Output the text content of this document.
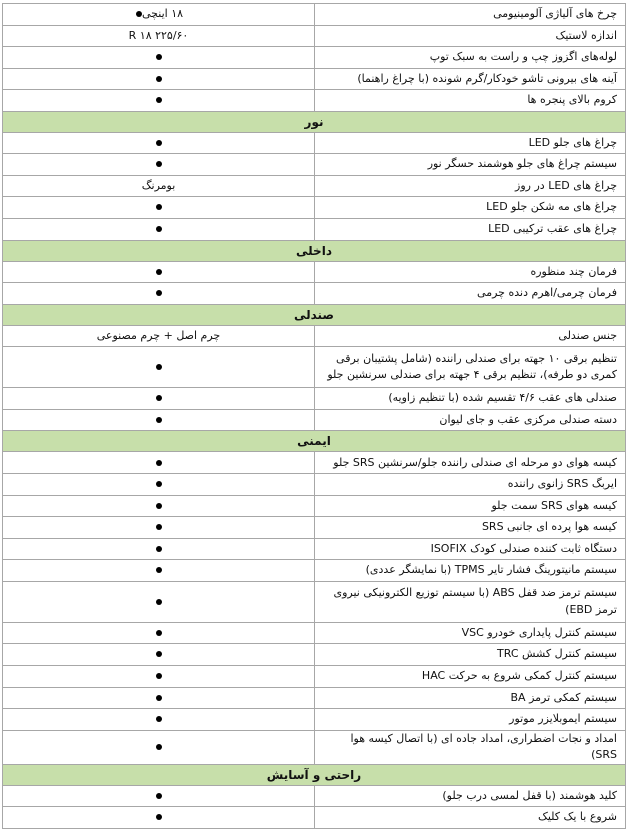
چرخ های آلیاژی آلومینیومی	۱۸ اینچی
اندازه لاستیک	R ۱۸ ۲۲۵/۶۰
لوله‌های اگزوز چپ و راست به سبک توپ	
آینه های بیرونی تاشو خودکار/گرم شونده (با چراغ راهنما)	
کروم بالای پنجره ها	
نور	
چراغ های جلو LED	
سیستم چراغ های جلو هوشمند حسگر نور	
چراغ های LED در روز	بومرنگ
چراغ های مه شکن جلو LED	
چراغ های عقب ترکیبی LED	
داخلی	
فرمان چند منظوره	
فرمان چرمی/اهرم دنده چرمی	
صندلی	
جنس صندلی	چرم اصل + چرم مصنوعی
تنظیم برقی ۱۰ جهته برای صندلی راننده (شامل پشتیبان برقی کمری دو طرفه)، تنظیم برقی ۴ جهته برای صندلی سرنشین جلو	
صندلی های عقب ۴/۶ تقسیم شده (با تنظیم زاویه)	
دسته صندلی مرکزی عقب و جای لیوان	
ایمنی	
کیسه هوای دو مرحله ای صندلی راننده جلو/سرنشین SRS جلو	
ایربگ SRS زانوی راننده	
کیسه هوای SRS سمت جلو	
کیسه هوا پرده ای جانبی SRS	
دستگاه ثابت کننده صندلی کودک ISOFIX	
سیستم مانیتورینگ فشار تایر TPMS (با نمایشگر عددی)	
سیستم ترمز ضد قفل ABS (با سیستم توزیع الکترونیکی نیروی ترمز EBD)	
سیستم کنترل پایداری خودرو VSC	
سیستم کنترل کشش TRC	
سیستم کنترل کمکی شروع به حرکت HAC	
سیستم کمکی ترمز BA	
سیستم ایموبلایزر موتور	
امداد و نجات اضطراری، امداد جاده ای (با اتصال کیسه هوا SRS)	
راحتی و آسایش	
کلید هوشمند (با قفل لمسی درب جلو)	
شروع با یک کلیک	
